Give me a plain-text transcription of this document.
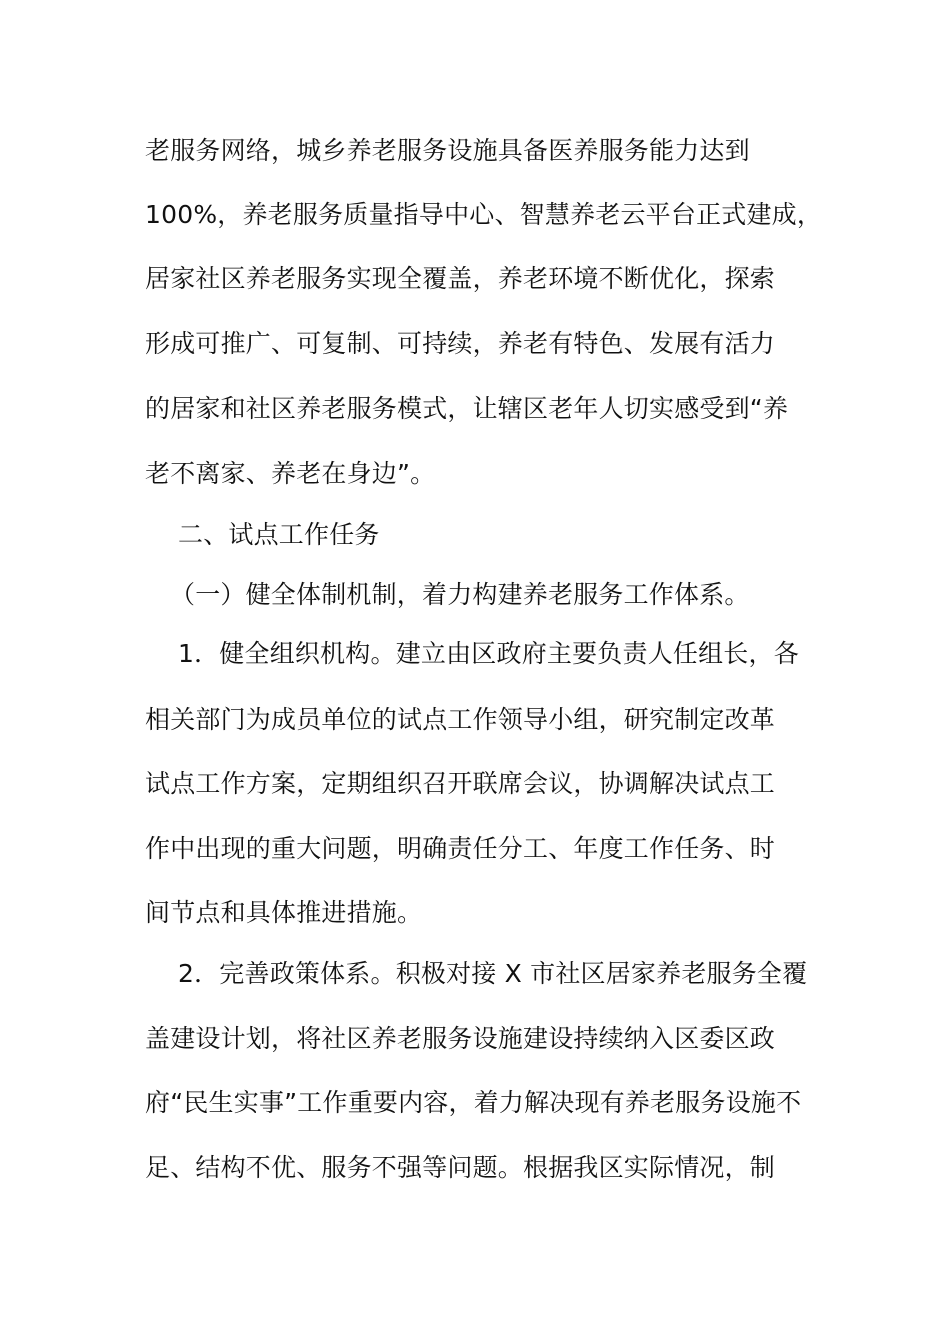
老服务网络，城乡养老服务设施具备医养服务能力达到
100%，养老服务质量指导中心、智慧养老云平台正式建成，
居家社区养老服务实现全覆盖，养老环境不断优化，探索
形成可推广、可复制、可持续，养老有特色、发展有活力
的居家和社区养老服务模式，让辖区老年人切实感受到“养
老不离家、养老在身边”。
二、试点工作任务
（一）健全体制机制，着力构建养老服务工作体系。
1．健全组织机构。建立由区政府主要负责人任组长，各
相关部门为成员单位的试点工作领导小组，研究制定改革
试点工作方案，定期组织召开联席会议，协调解决试点工
作中出现的重大问题，明确责任分工、年度工作任务、时
间节点和具体推进措施。
2．完善政策体系。积极对接 X 市社区居家养老服务全覆
盖建设计划，将社区养老服务设施建设持续纳入区委区政
府“民生实事”工作重要内容，着力解决现有养老服务设施不
足、结构不优、服务不强等问题。根据我区实际情况，制
